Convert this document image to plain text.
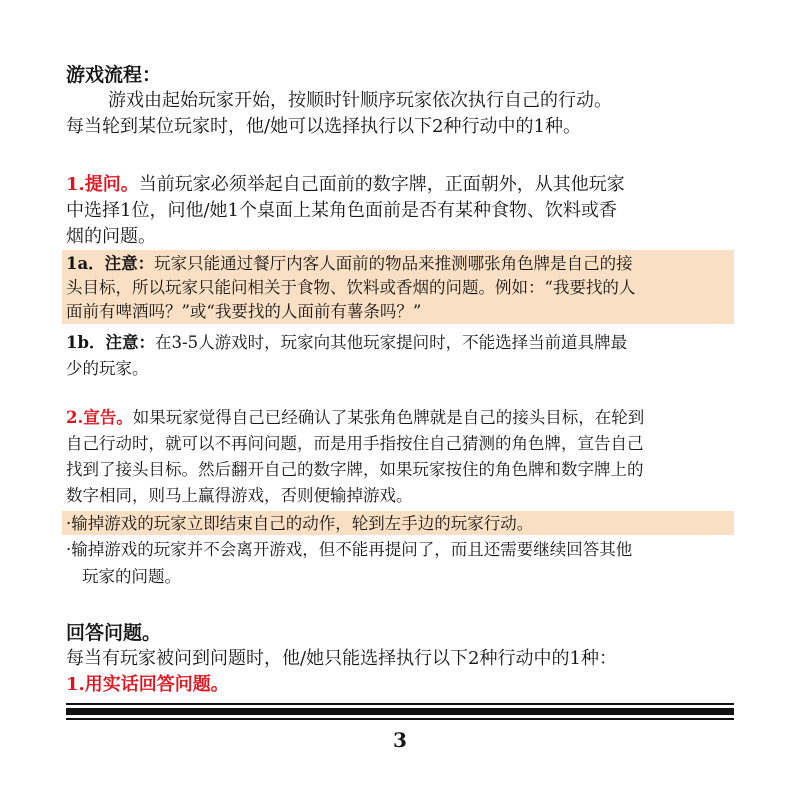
游戏流程：
游戏由起始玩家开始，按顺时针顺序玩家依次执行自己的行动。
每当轮到某位玩家时，他/她可以选择执行以下2种行动中的1种。
1.提问。当前玩家必须举起自己面前的数字牌，正面朝外，从其他玩家
中选择1位，问他/她1个桌面上某角色面前是否有某种食物、饮料或香
烟的问题。
1a．注意：玩家只能通过餐厅内客人面前的物品来推测哪张角色牌是自己的接
头目标，所以玩家只能问相关于食物、饮料或香烟的问题。例如：“我要找的人
面前有啤酒吗？”或“我要找的人面前有薯条吗？”
1b．注意：在3-5人游戏时，玩家向其他玩家提问时，不能选择当前道具牌最
少的玩家。
2.宣告。如果玩家觉得自己已经确认了某张角色牌就是自己的接头目标，在轮到
自己行动时，就可以不再问问题，而是用手指按住自己猜测的角色牌，宣告自己
找到了接头目标。然后翻开自己的数字牌，如果玩家按住的角色牌和数字牌上的
数字相同，则马上赢得游戏，否则便输掉游戏。
·输掉游戏的玩家立即结束自己的动作，轮到左手边的玩家行动。
·输掉游戏的玩家并不会离开游戏，但不能再提问了，而且还需要继续回答其他
玩家的问题。
回答问题。
每当有玩家被问到问题时，他/她只能选择执行以下2种行动中的1种：
1.用实话回答问题。
3
